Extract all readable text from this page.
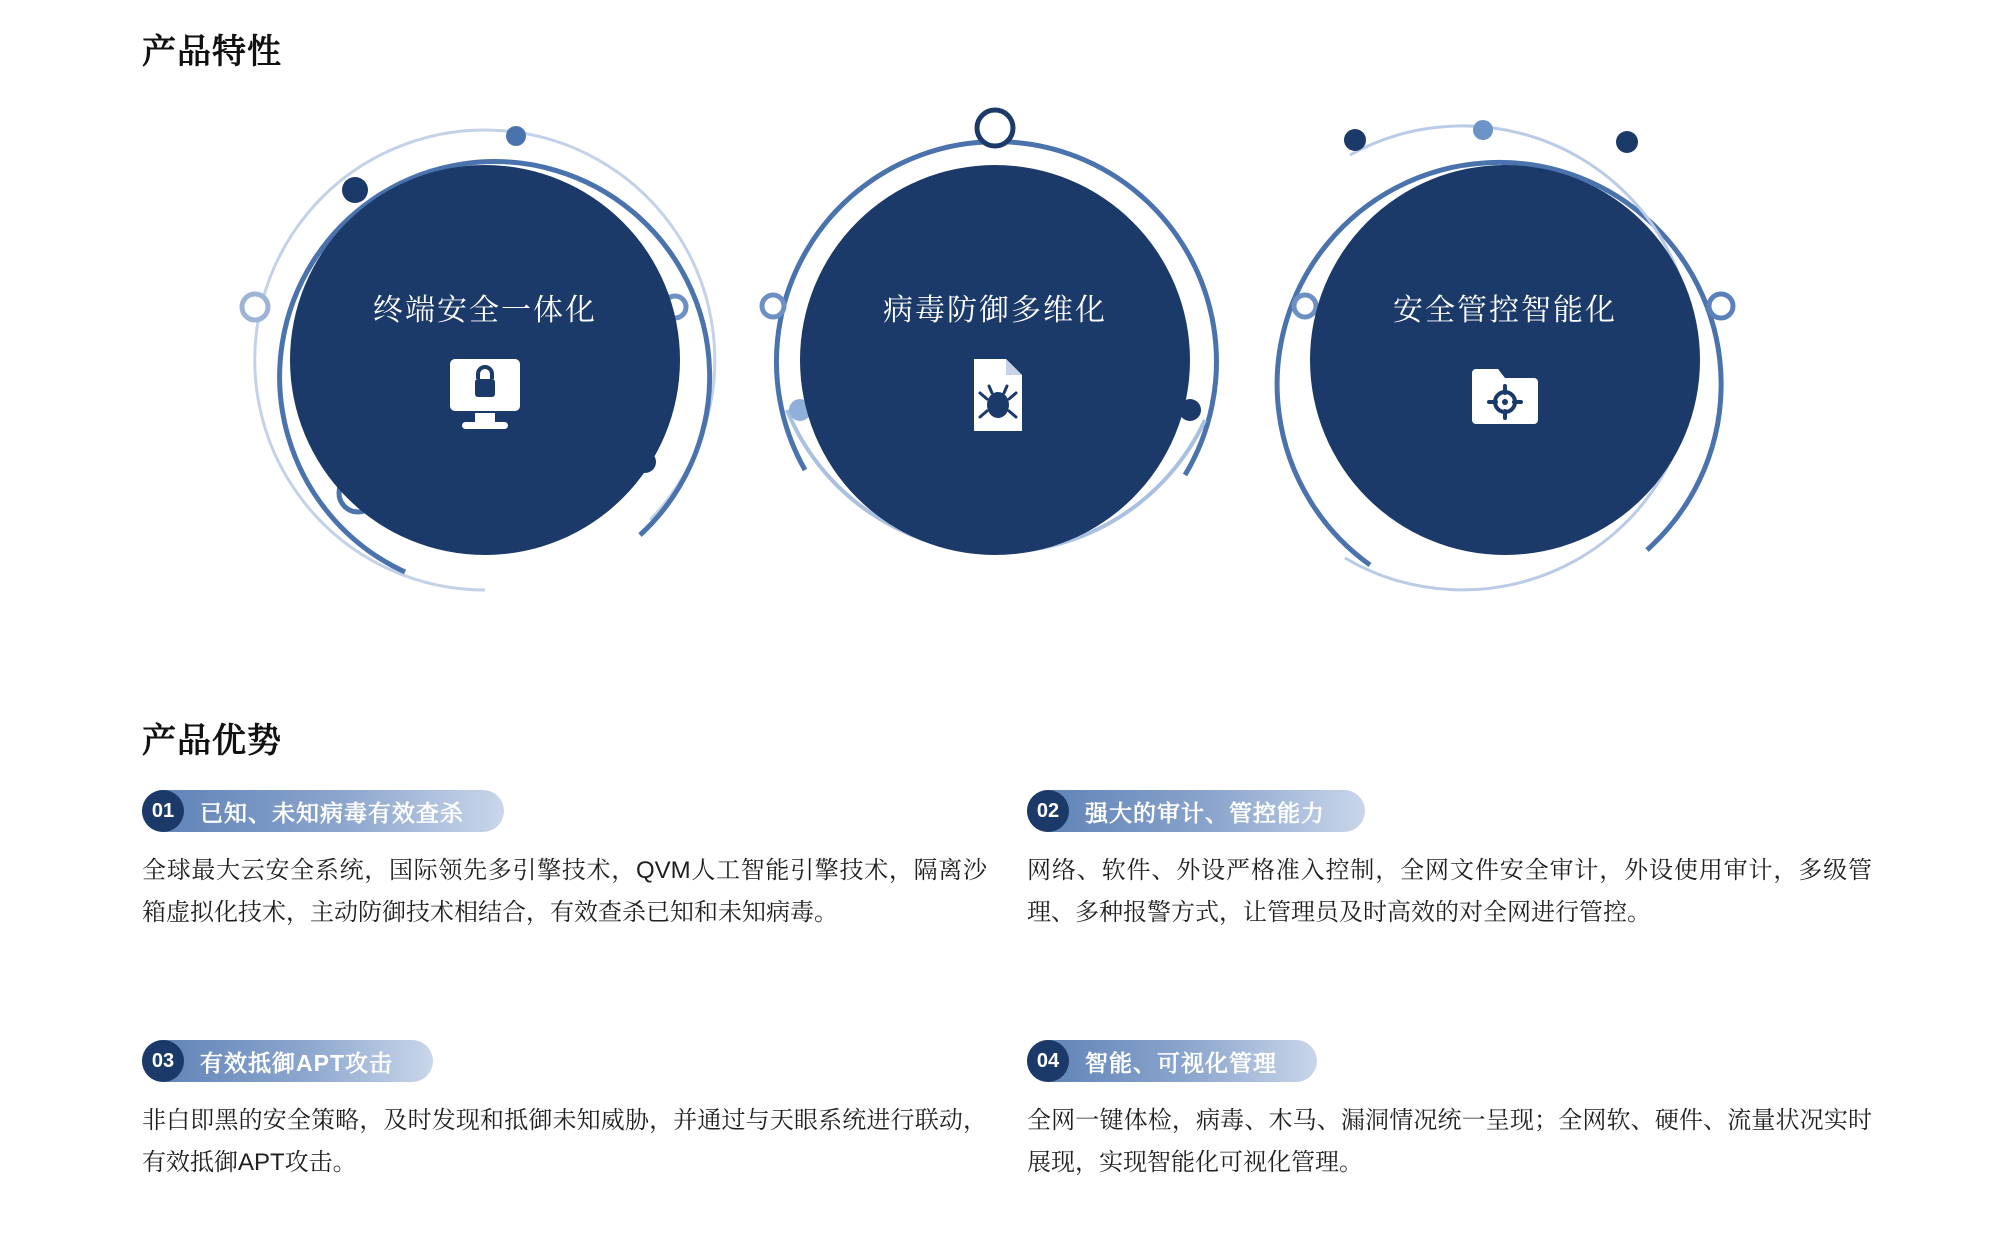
产品特性
终端安全一体化	病毒防御多维化	安全管控智能化
产品优势
01	已知、未知病毒有效查杀
全球最大云安全系统，国际领先多引擎技术，QVM人工智能引擎技术，隔离沙箱虚拟化技术，主动防御技术相结合，有效查杀已知和未知病毒。
02	强大的审计、管控能力
网络、软件、外设严格准入控制，全网文件安全审计，外设使用审计，多级管理、多种报警方式，让管理员及时高效的对全网进行管控。
03	有效抵御APT攻击
非白即黑的安全策略，及时发现和抵御未知威胁，并通过与天眼系统进行联动，有效抵御APT攻击。
04	智能、可视化管理
全网一键体检，病毒、木马、漏洞情况统一呈现；全网软、硬件、流量状况实时展现，实现智能化可视化管理。
